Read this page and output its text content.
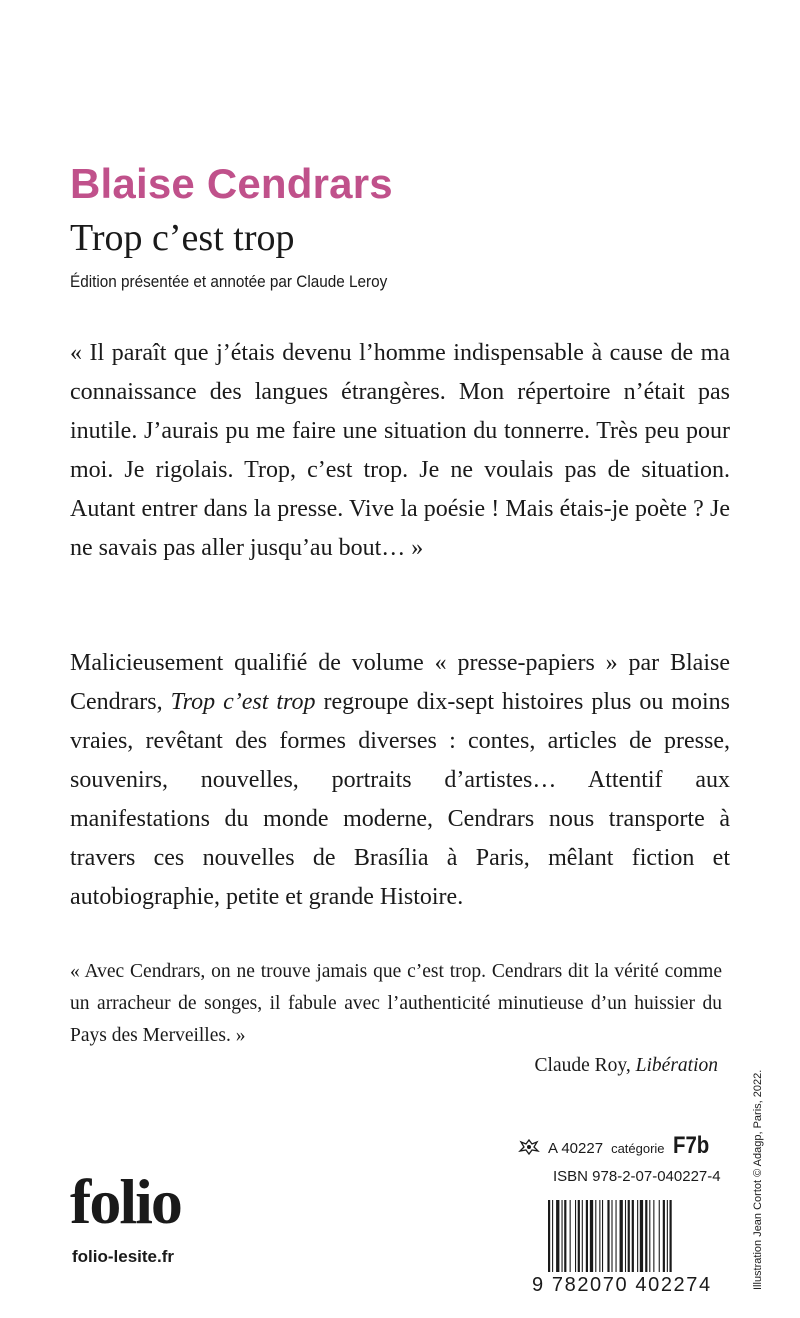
Blaise Cendrars
Trop c’est trop
Édition présentée et annotée par Claude Leroy
« Il paraît que j’étais devenu l’homme indispensable à cause de ma connaissance des langues étrangères. Mon répertoire n’était pas inutile. J’aurais pu me faire une situation du tonnerre. Très peu pour moi. Je rigolais. Trop, c’est trop. Je ne voulais pas de situation. Autant entrer dans la presse. Vive la poésie ! Mais étais-je poète ? Je ne savais pas aller jusqu’au bout… »
Malicieusement qualifié de volume « presse-papiers » par Blaise Cendrars, Trop c’est trop regroupe dix-sept histoires plus ou moins vraies, revêtant des formes diverses : contes, articles de presse, souvenirs, nouvelles, portraits d’artistes… Attentif aux manifestations du monde moderne, Cendrars nous transporte à travers ces nouvelles de Brasília à Paris, mêlant fiction et autobiographie, petite et grande Histoire.
« Avec Cendrars, on ne trouve jamais que c’est trop. Cendrars dit la vérité comme un arracheur de songes, il fabule avec l’authenticité minutieuse d’un huissier du Pays des Merveilles. »
Claude Roy, Libération
Illustration Jean Cortot © Adagp, Paris, 2022.
A 40227 catégorie F7b
ISBN 978-2-07-040227-4
9 782070 402274
folio
folio-lesite.fr
